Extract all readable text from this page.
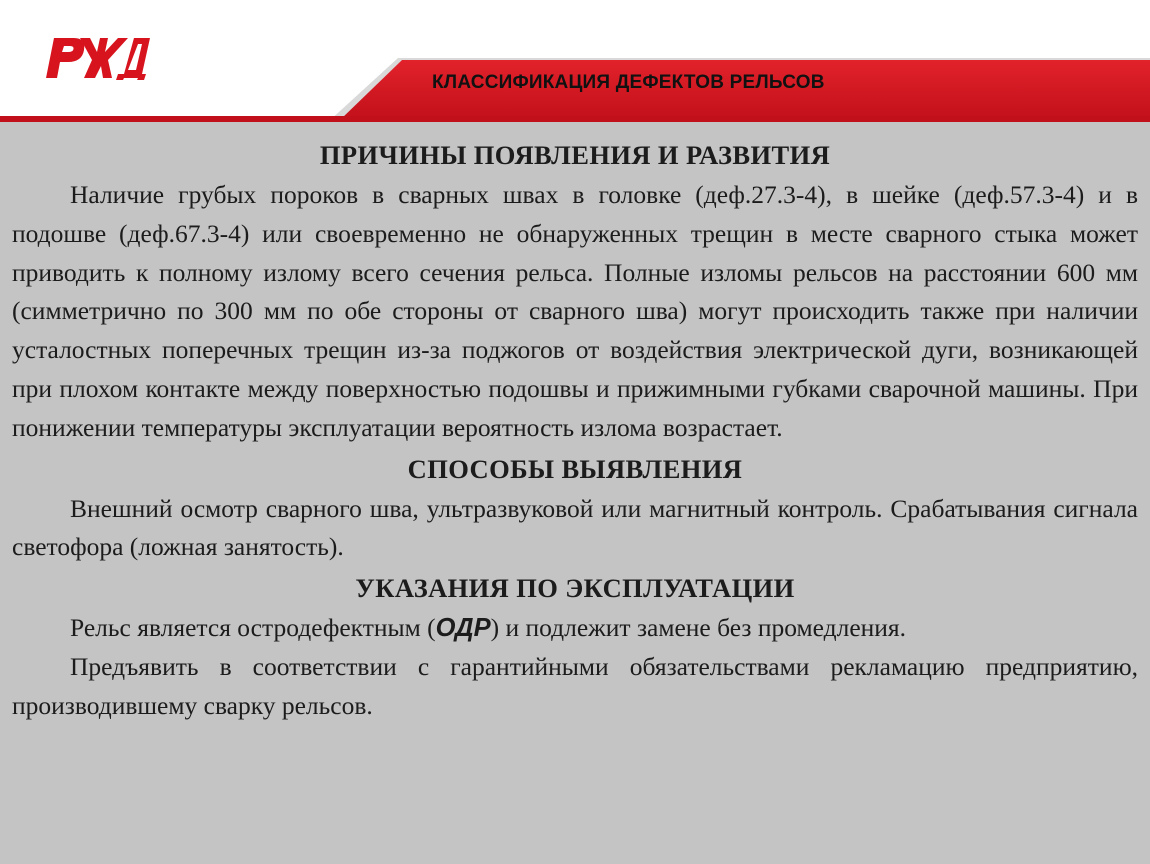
КЛАССИФИКАЦИЯ ДЕФЕКТОВ РЕЛЬСОВ
ПРИЧИНЫ ПОЯВЛЕНИЯ И РАЗВИТИЯ

Наличие грубых пороков в сварных швах в головке (деф.27.3-4), в шейке (деф.57.3-4) и в подошве (деф.67.3-4) или своевременно не обнаруженных трещин в месте сварного стыка может приводить к полному излому всего сечения рельса. Полные изломы рельсов на расстоянии 600 мм (симметрично по 300 мм по обе стороны от сварного шва) могут происходить также при наличии усталостных поперечных трещин из-за поджогов от воздействия электрической дуги, возникающей при плохом контакте между поверхностью подошвы и прижимными губками сварочной машины. При понижении температуры эксплуатации вероятность излома возрастает.

СПОСОБЫ ВЫЯВЛЕНИЯ

Внешний осмотр сварного шва, ультразвуковой или магнитный контроль. Срабатывания сигнала светофора (ложная занятость).

УКАЗАНИЯ ПО ЭКСПЛУАТАЦИИ

Рельс является остродефектным (ОДР) и подлежит замене без промедления.

Предъявить в соответствии с гарантийными обязательствами рекламацию предприятию, производившему сварку рельсов.
